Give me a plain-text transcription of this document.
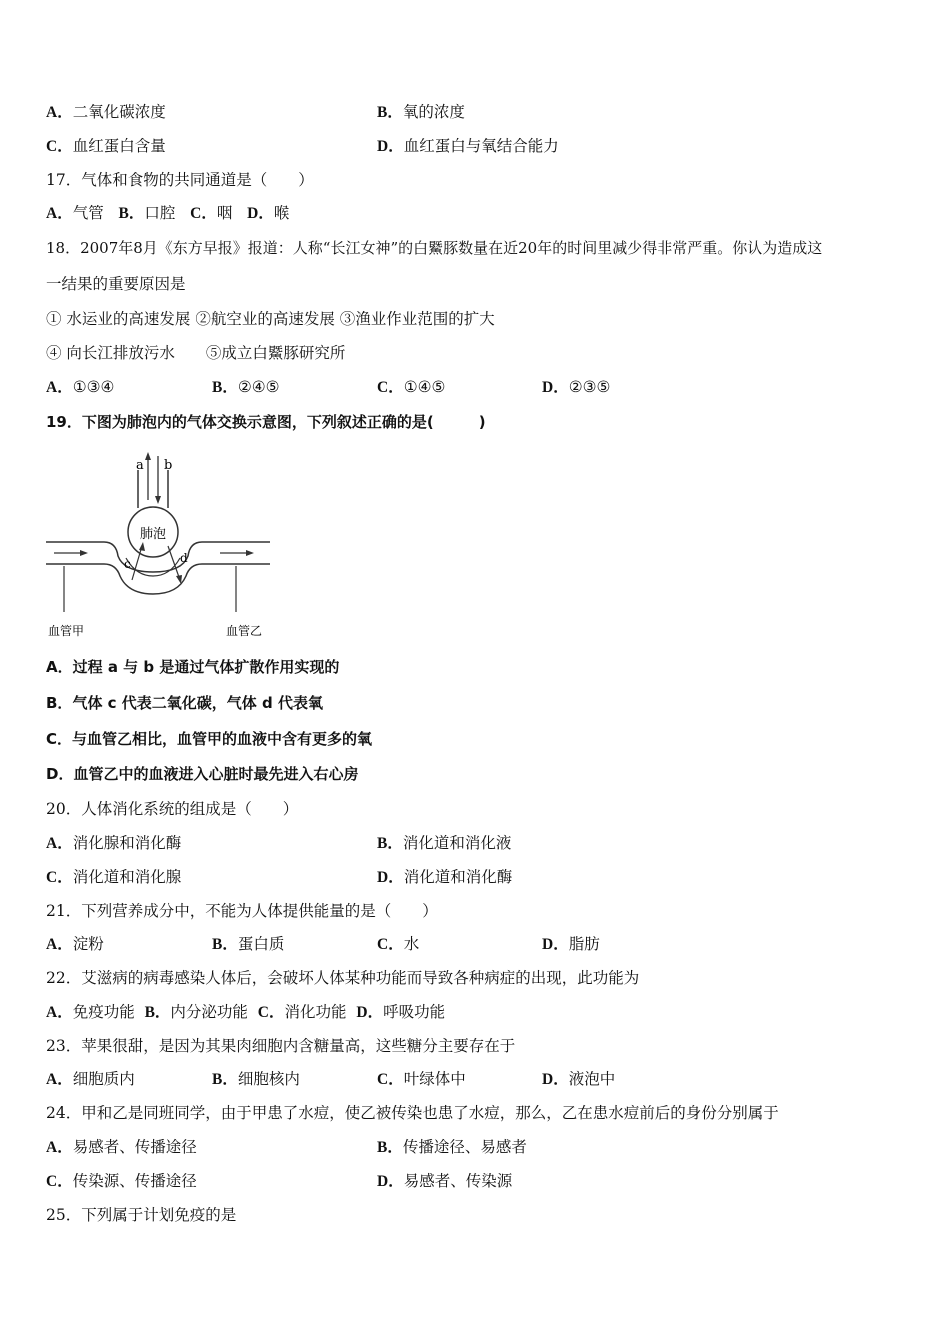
A．二氧化碳浓度	B．氧的浓度
C．血红蛋白含量	D．血红蛋白与氧结合能力
17．气体和食物的共同通道是（　　）
A．气管 B．口腔 C．咽 D．喉
18．2007年8月《东方早报》报道：人称“长江女神”的白鱀豚数量在近20年的时间里减少得非常严重。你认为造成这
一结果的重要原因是
① 水运业的高速发展 ②航空业的高速发展 ③渔业作业范围的扩大
④ 向长江排放污水　　⑤成立白鱀豚研究所
A．①③④	B．②④⑤	C．①④⑤	D．②③⑤
19．下图为肺泡内的气体交换示意图，下列叙述正确的是(　　　)
a b
肺泡
c	d
血管甲	血管乙
A．过程 a 与 b 是通过气体扩散作用实现的
B．气体 c 代表二氧化碳，气体 d 代表氧
C．与血管乙相比，血管甲的血液中含有更多的氧
D．血管乙中的血液进入心脏时最先进入右心房
20．人体消化系统的组成是（　　）
A．消化腺和消化酶	B．消化道和消化液
C．消化道和消化腺	D．消化道和消化酶
21．下列营养成分中，不能为人体提供能量的是（　　）
A．淀粉	B．蛋白质	C．水	D．脂肪
22．艾滋病的病毒感染人体后，会破坏人体某种功能而导致各种病症的出现，此功能为
A．免疫功能 B．内分泌功能 C．消化功能 D．呼吸功能
23．苹果很甜，是因为其果肉细胞内含糖量高，这些糖分主要存在于
A．细胞质内	B．细胞核内	C．叶绿体中	D．液泡中
24．甲和乙是同班同学，由于甲患了水痘，使乙被传染也患了水痘，那么，乙在患水痘前后的身份分别属于
A．易感者、传播途径	B．传播途径、易感者
C．传染源、传播途径	D．易感者、传染源
25．下列属于计划免疫的是
